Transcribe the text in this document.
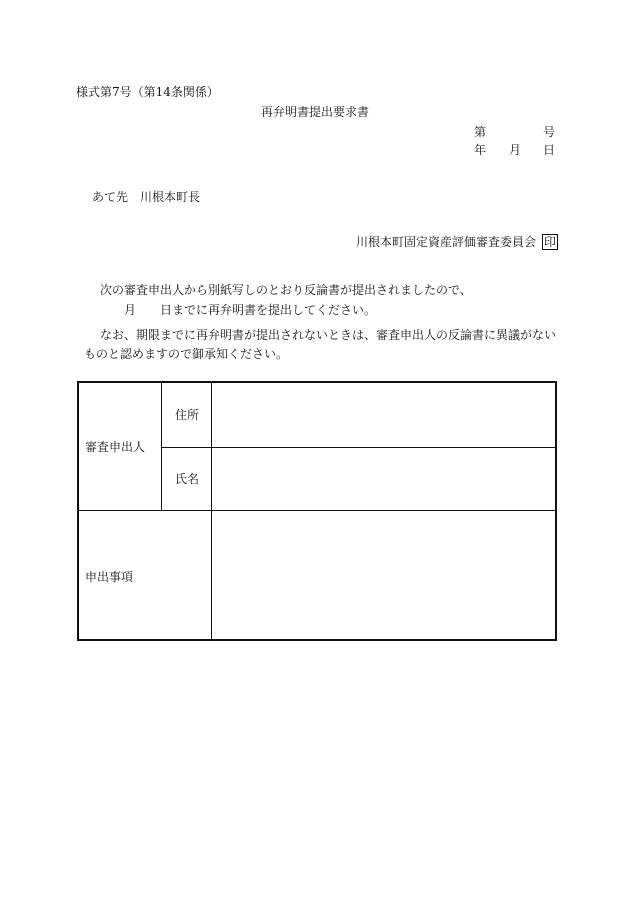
様式第7号（第14条関係）
再弁明書提出要求書
第	号
年 月 日
あて先　川根本町長
川根本町固定資産評価審査委員会 印
次の審査申出人から別紙写しのとおり反論書が提出されましたので、
月 日までに再弁明書を提出してください。
なお、期限までに再弁明書が提出されないときは、審査申出人の反論書に異議がない
ものと認めますので御承知ください。
審査申出人
住所
氏名
申出事項
